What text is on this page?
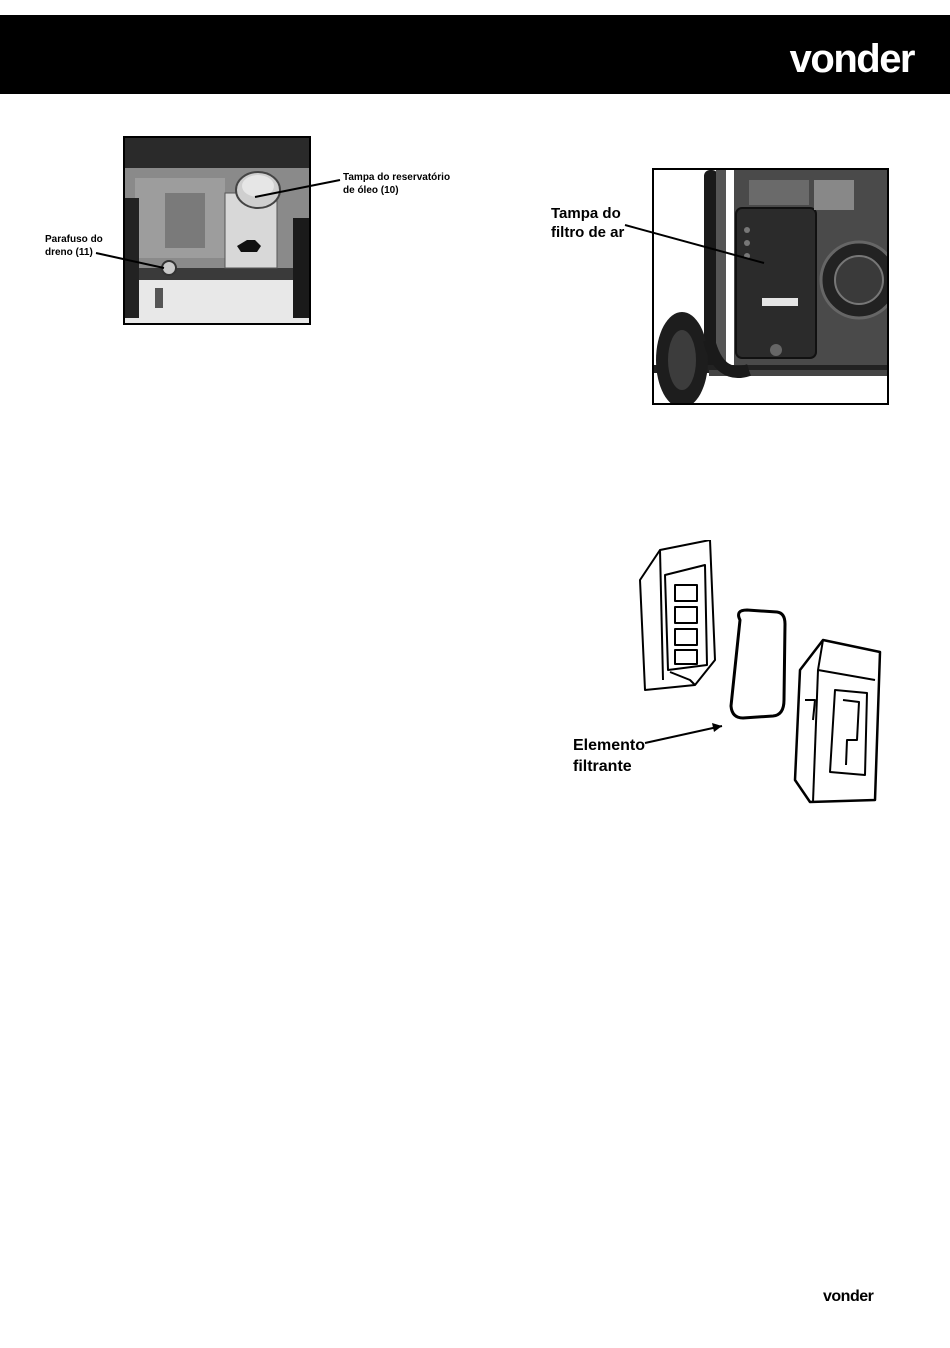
vonder
Tampa do reservatório
de óleo (10)
Parafuso do
dreno (11)
Tampa do
filtro de ar
Elemento
filtrante
vonder
